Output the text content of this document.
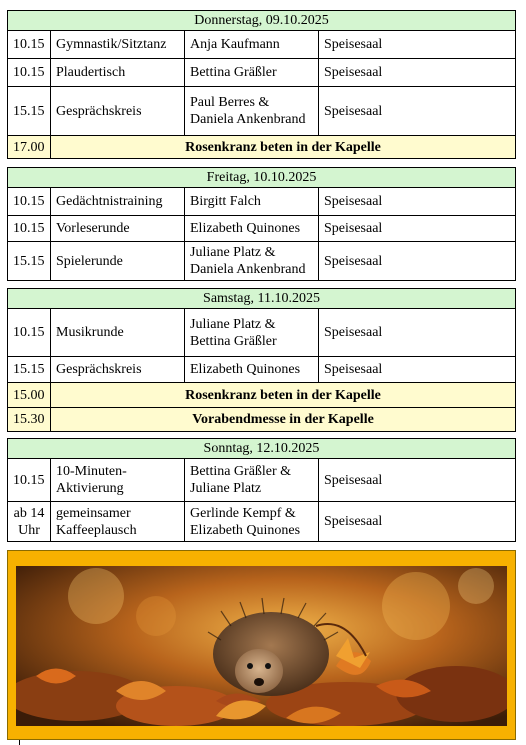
Donnerstag, 09.10.2025			
10.15	Gymnastik/Sitztanz	Anja Kaufmann	Speisesaal
10.15	Plaudertisch	Bettina Gräßler	Speisesaal
15.15	Gesprächskreis	Paul Berres & Daniela Ankenbrand	Speisesaal
17.00	Rosenkranz beten in der Kapelle		
Freitag, 10.10.2025			
10.15	Gedächtnistraining	Birgitt Falch	Speisesaal
10.15	Vorleserunde	Elizabeth Quinones	Speisesaal
15.15	Spielerunde	Juliane Platz & Daniela Ankenbrand	Speisesaal
Samstag, 11.10.2025			
10.15	Musikrunde	Juliane Platz & Bettina Gräßler	Speisesaal
15.15	Gesprächskreis	Elizabeth Quinones	Speisesaal
15.00	Rosenkranz beten in der Kapelle		
15.30	Vorabendmesse in der Kapelle		
Sonntag, 12.10.2025			
10.15	10-Minuten-Aktivierung	Bettina Gräßler & Juliane Platz	Speisesaal
ab 14 Uhr	gemeinsamer Kaffeeplausch	Gerlinde Kempf & Elizabeth Quinones	Speisesaal
